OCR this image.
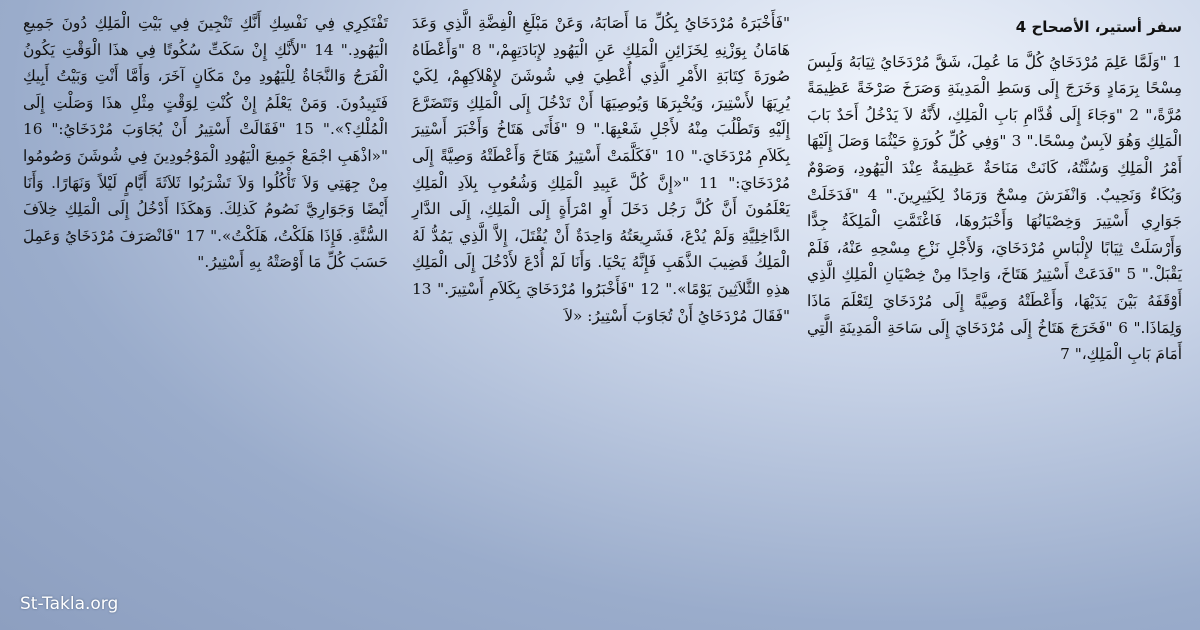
سفر أستير، الأصحاح 4

1 "وَلَمَّا عَلِمَ مُرْدَخَايُ كُلَّ مَا عُمِلَ، شَقَّ مُرْدَخَايُ ثِيَابَهُ وَلَبِسَ مِسْحًا بِرَمَادٍ وَخَرَجَ إِلَى وَسَطِ الْمَدِينَةِ وَصَرَخَ صَرْخَةً عَظِيمَةً مُرَّةً،" 2 "وَجَاءَ إِلَى قُدَّامِ بَابِ الْمَلِكِ، لأَنَّهُ لاَ يَدْخُلُ أَحَدٌ بَابَ الْمَلِكِ وَهُوَ لاَبِسٌ مِسْحًا." 3 "وَفِي كُلِّ كُورَةٍ حَيْثُمَا وَصَلَ إِلَيْهَا أَمْرُ الْمَلِكِ وَسُنَّتُهُ، كَانَتْ مَنَاحَةٌ عَظِيمَةٌ عِنْدَ الْيَهُودِ، وَصَوْمٌ وَبُكَاءٌ وَنَحِيبٌ. وَانْفَرَشَ مِسْحٌ وَرَمَادٌ لِكَثِيرِينَ." 4 "فَدَخَلَتْ جَوَارِي أَسْتِيرَ وَخِصْيَانُهَا وَأَخْبَرُوهَا، فَاغْتَمَّتِ الْمَلِكَةُ جِدًّا وَأَرْسَلَتْ ثِيَابًا لإِلْبَاسِ مُرْدَخَايَ، وَلأَجْلِ نَزْعِ مِسْحِهِ عَنْهُ، فَلَمْ يَقْبَلْ." 5 "فَدَعَتْ أَسْتِيرُ هَتَاخَ، وَاحِدًا مِنْ خِصْيَانِ الْمَلِكِ الَّذِي أَوْقَفَهُ بَيْنَ يَدَيْهَا، وَأَعْطَتْهُ وَصِيَّةً إِلَى مُرْدَخَايَ لِتَعْلَمَ مَاذَا وَلِمَاذَا." 6 "فَخَرَجَ هَتَاخُ إِلَى مُرْدَخَايَ إِلَى سَاحَةِ الْمَدِينَةِ الَّتِي أَمَامَ بَابِ الْمَلِكِ،" 7

"فَأَخْبَرَهُ مُرْدَخَايُ بِكُلِّ مَا أَصَابَهُ، وَعَنْ مَبْلَغِ الْفِضَّةِ الَّذِي وَعَدَ هَامَانُ بِوَزْنِهِ لِخَزَائِنِ الْمَلِكِ عَنِ الْيَهُودِ لإِبَادَتِهِمْ،" 8 "وَأَعْطَاهُ صُورَةَ كِتَابَةِ الأَمْرِ الَّذِي أُعْطِيَ فِي شُوشَنَ لإِهْلاَكِهِمْ، لِكَيْ يُرِيَهَا لأَسْتِيرَ، وَيُخْبِرَهَا وَيُوصِيَهَا أَنْ تَدْخُلَ إِلَى الْمَلِكِ وَتَتَضَرَّعَ إِلَيْهِ وَتَطْلُبَ مِنْهُ لأَجْلِ شَعْبِهَا." 9 "فَأَتَى هَتَاخُ وَأَخْبَرَ أَسْتِيرَ بِكَلاَمِ مُرْدَخَايَ." 10 "فَكَلَّمَتْ أَسْتِيرُ هَتَاخَ وَأَعْطَتْهُ وَصِيَّةً إِلَى مُرْدَخَايَ:" 11 "«إِنَّ كُلَّ عَبِيدِ الْمَلِكِ وَشُعُوبِ بِلاَدِ الْمَلِكِ يَعْلَمُونَ أَنَّ كُلَّ رَجُل دَخَلَ أَوِ امْرَأَةٍ إِلَى الْمَلِكِ، إِلَى الدَّارِ الدَّاخِلِيَّةِ وَلَمْ يُدْعَ، فَشَرِيعَتُهُ وَاحِدَةٌ أَنْ يُقْتَلَ، إِلاَّ الَّذِي يَمُدُّ لَهُ الْمَلِكُ قَضِيبَ الذَّهَبِ فَإِنَّهُ يَحْيَا. وَأَنَا لَمْ أُدْعَ لأَدْخُلَ إِلَى الْمَلِكِ هذِهِ الثَّلاَثِينَ يَوْمًا»." 12 "فَأَخْبَرُوا مُرْدَخَايَ بِكَلاَمِ أَسْتِيرَ." 13 "فَقَالَ مُرْدَخَايُ أَنْ تُجَاوَبَ أَسْتِيرُ: «لاَ

تَفْتَكِرِي فِي نَفْسِكِ أَنَّكِ تَنْجِينَ فِي بَيْتِ الْمَلِكِ دُونَ جَمِيعِ الْيَهُودِ." 14 "لأَنَّكِ إِنْ سَكَتِّ سُكُوتًا فِي هذَا الْوَقْتِ يَكُونُ الْفَرَجُ وَالنَّجَاةُ لِلْيَهُودِ مِنْ مَكَانٍ آخَرَ، وَأَمَّا أَنْتِ وَبَيْتُ أَبِيكِ فَتَبِيدُونَ. وَمَنْ يَعْلَمُ إِنْ كُنْتِ لِوَقْتٍ مِثْلِ هذَا وَصَلْتِ إِلَى الْمُلْكِ؟»." 15 "فَقَالَتْ أَسْتِيرُ أَنْ يُجَاوَبَ مُرْدَخَايُ:" 16 "«اذْهَبِ اجْمَعْ جَمِيعَ الْيَهُودِ الْمَوْجُودِينَ فِي شُوشَنَ وَصُومُوا مِنْ جِهَتِي وَلاَ تَأْكُلُوا وَلاَ تَشْرَبُوا ثَلاَثَةَ أَيَّامٍ لَيْلاً وَنَهَارًا. وَأَنَا أَيْضًا وَجَوَارِيَّ نَصُومُ كَذلِكَ. وَهكَذَا أَدْخُلُ إِلَى الْمَلِكِ خِلاَفَ السُّنَّةِ. فَإِذَا هَلَكْتُ، هَلَكْتُ»." 17 "فَانْصَرَفَ مُرْدَخَايُ وَعَمِلَ حَسَبَ كُلِّ مَا أَوْصَتْهُ بِهِ أَسْتِيرُ."

St-Takla.org
